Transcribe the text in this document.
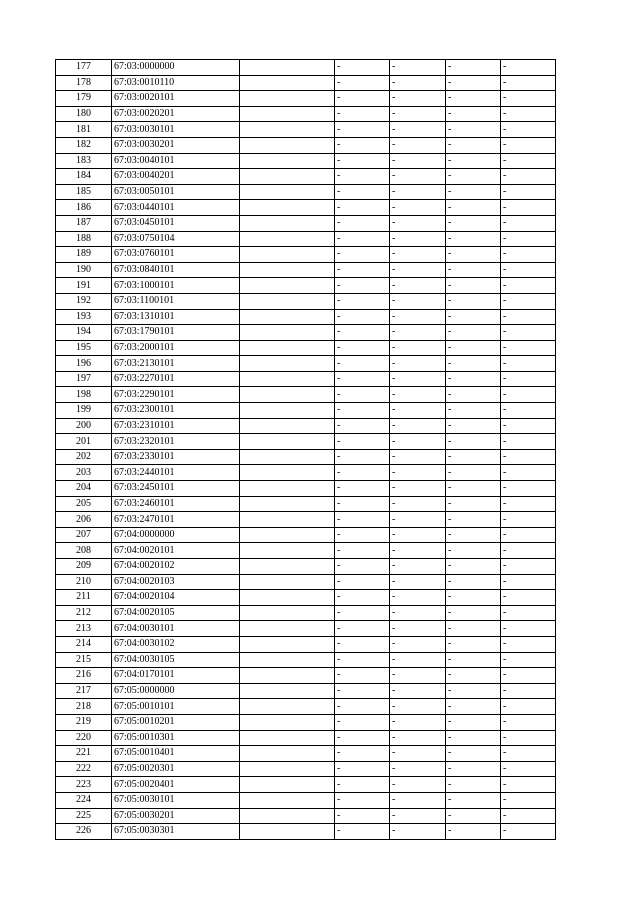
177	67:03:0000000		-	-	-	-
178	67:03:0010110		-	-	-	-
179	67:03:0020101		-	-	-	-
180	67:03:0020201		-	-	-	-
181	67:03:0030101		-	-	-	-
182	67:03:0030201		-	-	-	-
183	67:03:0040101		-	-	-	-
184	67:03:0040201		-	-	-	-
185	67:03:0050101		-	-	-	-
186	67:03:0440101		-	-	-	-
187	67:03:0450101		-	-	-	-
188	67:03:0750104		-	-	-	-
189	67:03:0760101		-	-	-	-
190	67:03:0840101		-	-	-	-
191	67:03:1000101		-	-	-	-
192	67:03:1100101		-	-	-	-
193	67:03:1310101		-	-	-	-
194	67:03:1790101		-	-	-	-
195	67:03:2000101		-	-	-	-
196	67:03:2130101		-	-	-	-
197	67:03:2270101		-	-	-	-
198	67:03:2290101		-	-	-	-
199	67:03:2300101		-	-	-	-
200	67:03:2310101		-	-	-	-
201	67:03:2320101		-	-	-	-
202	67:03:2330101		-	-	-	-
203	67:03:2440101		-	-	-	-
204	67:03:2450101		-	-	-	-
205	67:03:2460101		-	-	-	-
206	67:03:2470101		-	-	-	-
207	67:04:0000000		-	-	-	-
208	67:04:0020101		-	-	-	-
209	67:04:0020102		-	-	-	-
210	67:04:0020103		-	-	-	-
211	67:04:0020104		-	-	-	-
212	67:04:0020105		-	-	-	-
213	67:04:0030101		-	-	-	-
214	67:04:0030102		-	-	-	-
215	67:04:0030105		-	-	-	-
216	67:04:0170101		-	-	-	-
217	67:05:0000000		-	-	-	-
218	67:05:0010101		-	-	-	-
219	67:05:0010201		-	-	-	-
220	67:05:0010301		-	-	-	-
221	67:05:0010401		-	-	-	-
222	67:05:0020301		-	-	-	-
223	67:05:0020401		-	-	-	-
224	67:05:0030101		-	-	-	-
225	67:05:0030201		-	-	-	-
226	67:05:0030301		-	-	-	-
